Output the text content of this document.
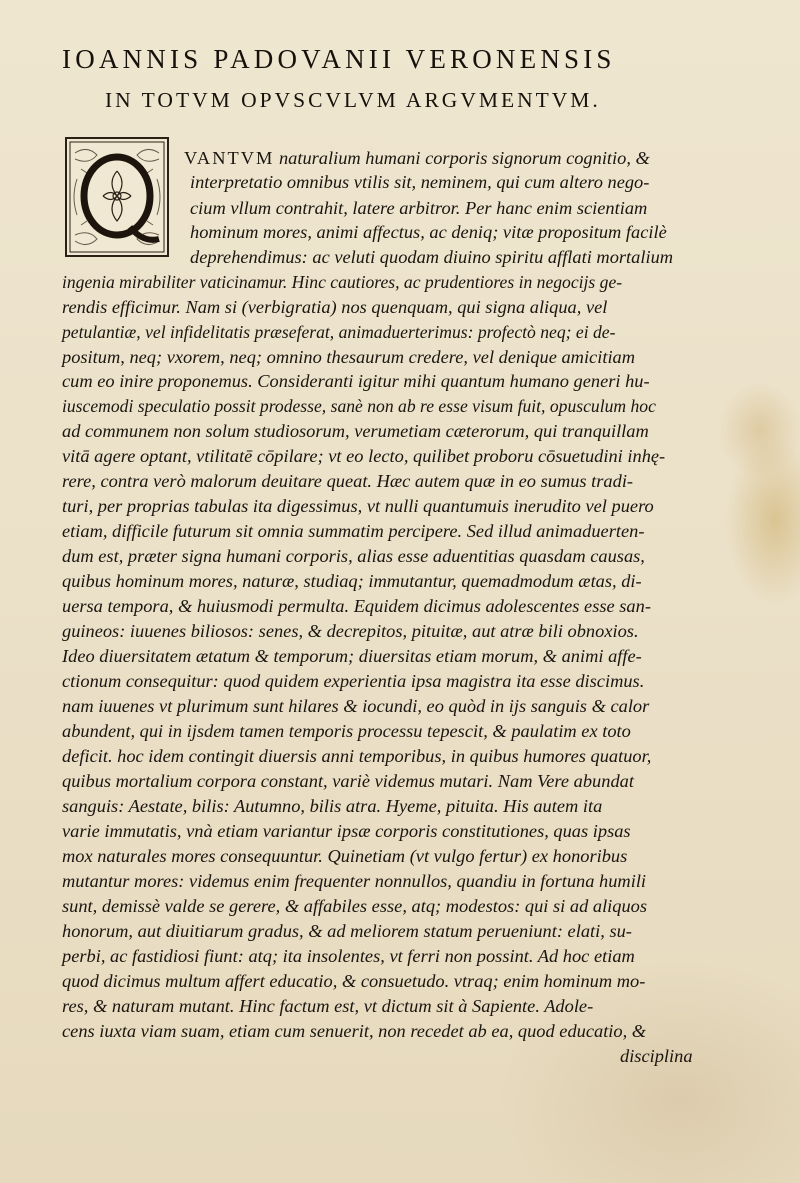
IOANNIS PADOVANII VERONENSIS
IN TOTVM OPVSCVLVM ARGVMENTVM.
Q
VANTVM naturalium humani corporis signorum cognitio, &
interpretatio omnibus vtilis sit, neminem, qui cum altero nego-
cium vllum contrahit, latere arbitror. Per hanc enim scientiam
hominum mores, animi affectus, ac deniq; vitæ propositum facilè
deprehendimus: ac veluti quodam diuino spiritu afflati mortalium
ingenia mirabiliter vaticinamur. Hinc cautiores, ac prudentiores in negocijs ge-
rendis efficimur. Nam si (verbigratia) nos quenquam, qui signa aliqua, vel
petulantiæ, vel infidelitatis præseferat, animaduerterimus: profectò neq; ei de-
positum, neq; vxorem, neq; omnino thesaurum credere, vel denique amicitiam
cum eo inire proponemus. Consideranti igitur mihi quantum humano generi hu-
iuscemodi speculatio possit prodesse, sanè non ab re esse visum fuit, opusculum hoc
ad communem non solum studiosorum, verumetiam cæterorum, qui tranquillam
vitā agere optant, vtilitatē cōpilare; vt eo lecto, quilibet proboru cōsuetudini inhę-
rere, contra verò malorum deuitare queat. Hæc autem quæ in eo sumus tradi-
turi, per proprias tabulas ita digessimus, vt nulli quantumuis inerudito vel puero
etiam, difficile futurum sit omnia summatim percipere. Sed illud animaduerten-
dum est, præter signa humani corporis, alias esse aduentitias quasdam causas,
quibus hominum mores, naturæ, studiaq; immutantur, quemadmodum ætas, di-
uersa tempora, & huiusmodi permulta. Equidem dicimus adolescentes esse san-
guineos: iuuenes biliosos: senes, & decrepitos, pituitæ, aut atræ bili obnoxios.
Ideo diuersitatem ætatum & temporum; diuersitas etiam morum, & animi affe-
ctionum consequitur: quod quidem experientia ipsa magistra ita esse discimus.
nam iuuenes vt plurimum sunt hilares & iocundi, eo quòd in ijs sanguis & calor
abundent, qui in ijsdem tamen temporis processu tepescit, & paulatim ex toto
deficit. hoc idem contingit diuersis anni temporibus, in quibus humores quatuor,
quibus mortalium corpora constant, variè videmus mutari. Nam Vere abundat
sanguis: Aestate, bilis: Autumno, bilis atra. Hyeme, pituita. His autem ita
varie immutatis, vnà etiam variantur ipsæ corporis constitutiones, quas ipsas
mox naturales mores consequuntur. Quinetiam (vt vulgo fertur) ex honoribus
mutantur mores: videmus enim frequenter nonnullos, quandiu in fortuna humili
sunt, demissè valde se gerere, & affabiles esse, atq; modestos: qui si ad aliquos
honorum, aut diuitiarum gradus, & ad meliorem statum perueniunt: elati, su-
perbi, ac fastidiosi fiunt: atq; ita insolentes, vt ferri non possint. Ad hoc etiam
quod dicimus multum affert educatio, & consuetudo. vtraq; enim hominum mo-
res, & naturam mutant. Hinc factum est, vt dictum sit à Sapiente. Adole-
cens iuxta viam suam, etiam cum senuerit, non recedet ab ea, quod educatio, &
disciplina
